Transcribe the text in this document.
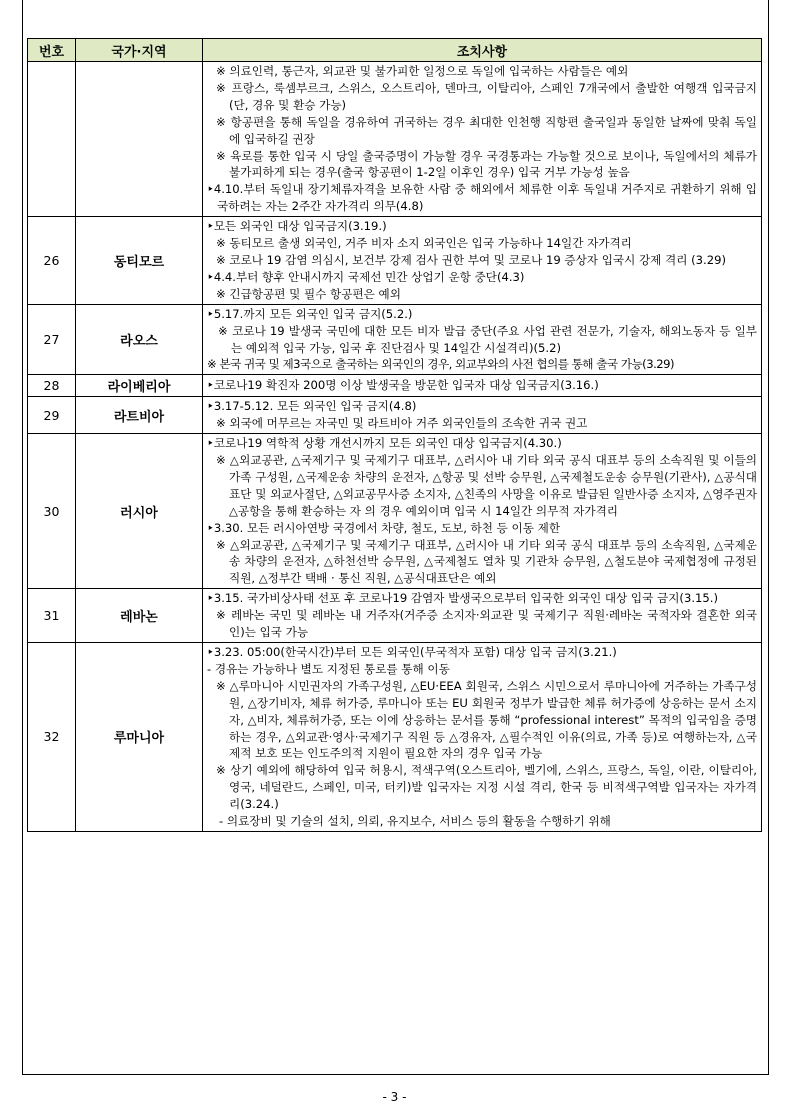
번호	국가·지역	조치사항

		※ 의료인력, 통근자, 외교관 및 불가피한 일정으로 독일에 입국하는 사람들은 예외
※ 프랑스, 룩셈부르크, 스위스, 오스트리아, 덴마크, 이탈리아, 스페인 7개국에서 출발한 여행객 입국금지(단, 경유 및 환승 가능)
※ 항공편을 통해 독일을 경유하여 귀국하는 경우 최대한 인천행 직항편 출국일과 동일한 날짜에 맞춰 독일에 입국하길 권장
※ 육로를 통한 입국 시 당일 출국증명이 가능할 경우 국경통과는 가능할 것으로 보이나, 독일에서의 체류가 불가피하게 되는 경우(출국 항공편이 1-2일 이후인 경우) 입국 거부 가능성 높음
‣4.10.부터 독일내 장기체류자격을 보유한 사람 중 해외에서 체류한 이후 독일내 거주지로 귀환하기 위해 입국하려는 자는 2주간 자가격리 의무(4.8)

26	동티모르	‣모든 외국인 대상 입국금지(3.19.)
※ 동티모르 출생 외국인, 거주 비자 소지 외국인은 입국 가능하나 14일간 자가격리
※ 코로나 19 감염 의심시, 보건부 강제 검사 권한 부여 및 코로나 19 증상자 입국시 강제 격리 (3.29)
‣4.4.부터 향후 안내시까지 국제선 민간 상업기 운항 중단(4.3)
※ 긴급항공편 및 필수 항공편은 예외

27	라오스	‣5.17.까지 모든 외국인 입국 금지(5.2.)
※ 코로나 19 발생국 국민에 대한 모든 비자 발급 중단(주요 사업 관련 전문가, 기술자, 해외노동자 등 일부는 예외적 입국 가능, 입국 후 진단검사 및 14일간 시설격리)(5.2)
※ 본국 귀국 및 제3국으로 출국하는 외국인의 경우, 외교부와의 사전 협의를 통해 출국 가능(3.29)

28	라이베리아	‣코로나19 확진자 200명 이상 발생국을 방문한 입국자 대상 입국금지(3.16.)

29	라트비아	‣3.17-5.12. 모든 외국인 입국 금지(4.8)
※ 외국에 머무르는 자국민 및 라트비아 거주 외국인들의 조속한 귀국 권고

30	러시아	‣코로나19 역학적 상황 개선시까지 모든 외국인 대상 입국금지(4.30.)
※ △외교공관, △국제기구 및 국제기구 대표부, △러시아 내 기타 외국 공식 대표부 등의 소속직원 및 이들의 가족 구성원, △국제운송 차량의 운전자, △항공 및 선박 승무원, △국제철도운송 승무원(기관사), △공식대표단 및 외교사절단, △외교공무사증 소지자, △친족의 사망을 이유로 발급된 일반사증 소지자, △영주권자 △공항을 통해 환승하는 자 의 경우 예외이며 입국 시 14일간 의무적 자가격리
‣3.30. 모든 러시아연방 국경에서 차량, 철도, 도보, 하천 등 이동 제한
※ △외교공관, △국제기구 및 국제기구 대표부, △러시아 내 기타 외국 공식 대표부 등의 소속직원, △국제운송 차량의 운전자, △하천선박 승무원, △국제철도 열차 및 기관차 승무원, △철도분야 국제협정에 규정된 직원, △정부간 택배 · 통신 직원, △공식대표단은 예외

31	레바논	‣3.15. 국가비상사태 선포 후 코로나19 감염자 발생국으로부터 입국한 외국인 대상 입국 금지(3.15.)
※ 레바논 국민 및 레바논 내 거주자(거주증 소지자·외교관 및 국제기구 직원·레바논 국적자와 결혼한 외국인)는 입국 가능

32	루마니아	‣3.23. 05:00(한국시간)부터 모든 외국인(무국적자 포함) 대상 입국 금지(3.21.)
- 경유는 가능하나 별도 지정된 통로를 통해 이동
※ △루마니아 시민권자의 가족구성원, △EU·EEA 회원국, 스위스 시민으로서 루마니아에 거주하는 가족구성원, △장기비자, 체류 허가증, 루마니아 또는 EU 회원국 정부가 발급한 체류 허가증에 상응하는 문서 소지자, △비자, 체류허가증, 또는 이에 상응하는 문서를 통해 “professional interest” 목적의 입국임을 증명하는 경우, △외교관·영사·국제기구 직원 등 △경유자, △필수적인 이유(의료, 가족 등)로 여행하는자, △국제적 보호 또는 인도주의적 지원이 필요한 자의 경우 입국 가능
※ 상기 예외에 해당하여 입국 허용시, 적색구역(오스트리아, 벨기에, 스위스, 프랑스, 독일, 이란, 이탈리아, 영국, 네덜란드, 스페인, 미국, 터키)발 입국자는 지정 시설 격리, 한국 등 비적색구역발 입국자는 자가격리(3.24.)
- 의료장비 및 기술의 설치, 의뢰, 유지보수, 서비스 등의 활동을 수행하기 위해
- 3 -
